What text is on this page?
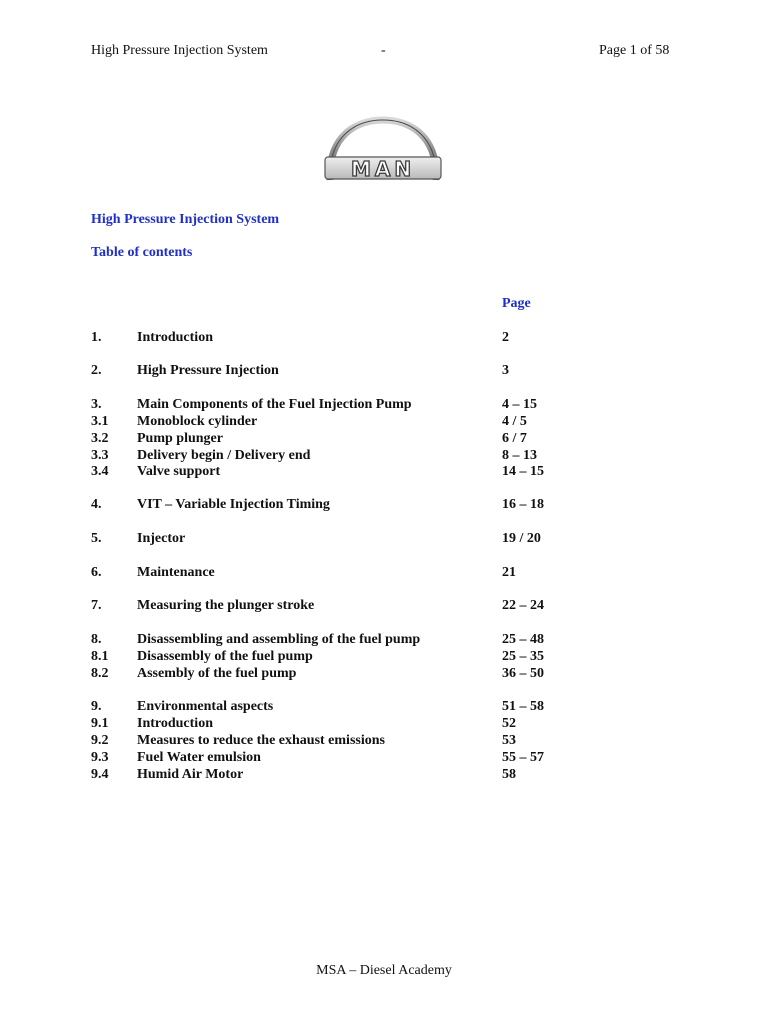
High Pressure Injection System	-	Page 1 of 58
MAN
High Pressure Injection System
Table of contents
Page
1.	Introduction	2
2.	High Pressure Injection	3
3.	Main Components of the Fuel Injection Pump	4 – 15
3.1 Monoblock cylinder	4 / 5
3.2 Pump plunger	6 / 7
3.3 Delivery begin / Delivery end	8 – 13
3.4 Valve support	14 – 15
4.	VIT – Variable Injection Timing	16 – 18
5.	Injector	19 / 20
6.	Maintenance	21
7.	Measuring the plunger stroke	22 – 24
8.	Disassembling and assembling of the fuel pump	25 – 48
8.1 Disassembly of the fuel pump	25 – 35
8.2 Assembly of the fuel pump	36 – 50
9.	Environmental aspects	51 – 58
9.1 Introduction	52
9.2 Measures to reduce the exhaust emissions	53
9.3 Fuel Water emulsion	55 – 57
9.4 Humid Air Motor	58
MSA – Diesel Academy
